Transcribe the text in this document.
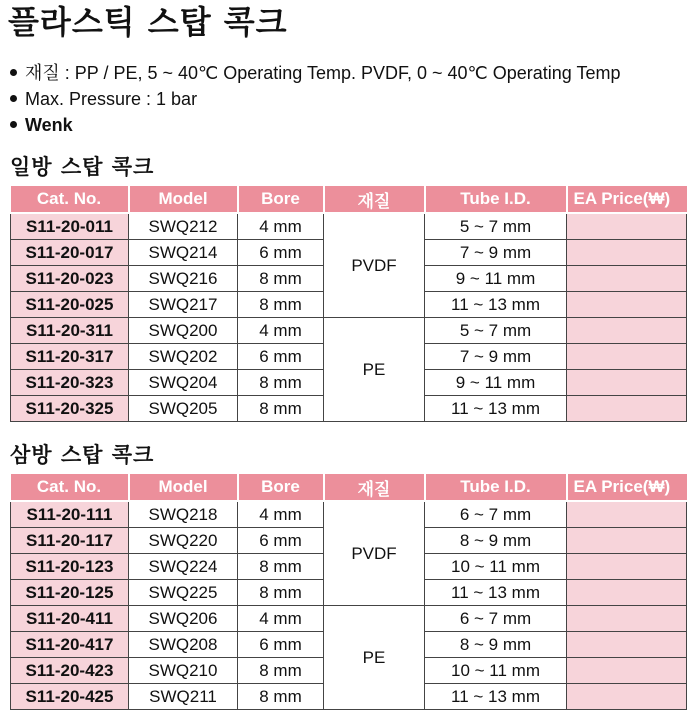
플라스틱 스탑 콕크
재질 : PP / PE, 5 ~ 40℃ Operating Temp. PVDF, 0 ~ 40℃ Operating Temp
Max. Pressure : 1 bar
Wenk
일방 스탑 콕크
Cat. No.	Model	Bore	재질	Tube I.D.	EA Price(₩)
S11-20-011	SWQ212	4 mm	PVDF	5 ~ 7 mm	
S11-20-017	SWQ214	6 mm		7 ~ 9 mm	
S11-20-023	SWQ216	8 mm		9 ~ 11 mm	
S11-20-025	SWQ217	8 mm		11 ~ 13 mm	
S11-20-311	SWQ200	4 mm	PE	5 ~ 7 mm	
S11-20-317	SWQ202	6 mm		7 ~ 9 mm	
S11-20-323	SWQ204	8 mm		9 ~ 11 mm	
S11-20-325	SWQ205	8 mm		11 ~ 13 mm	
삼방 스탑 콕크
Cat. No.	Model	Bore	재질	Tube I.D.	EA Price(₩)
S11-20-111	SWQ218	4 mm	PVDF	6 ~ 7 mm	
S11-20-117	SWQ220	6 mm		8 ~ 9 mm	
S11-20-123	SWQ224	8 mm		10 ~ 11 mm	
S11-20-125	SWQ225	8 mm		11 ~ 13 mm	
S11-20-411	SWQ206	4 mm	PE	6 ~ 7 mm	
S11-20-417	SWQ208	6 mm		8 ~ 9 mm	
S11-20-423	SWQ210	8 mm		10 ~ 11 mm	
S11-20-425	SWQ211	8 mm		11 ~ 13 mm	
